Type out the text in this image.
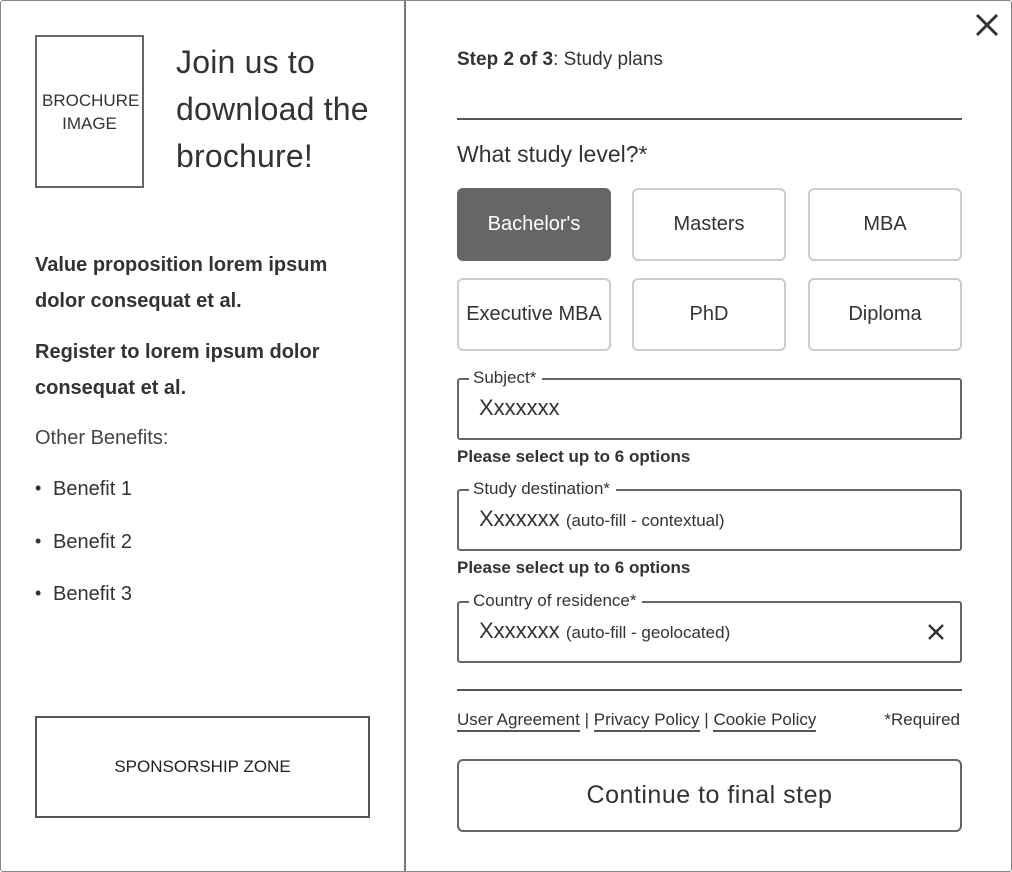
BROCHURE IMAGE
Join us to download the brochure!
Value proposition lorem ipsum dolor consequat et al.
Register to lorem ipsum dolor consequat et al.
Other Benefits:
• Benefit 1
• Benefit 2
• Benefit 3
SPONSORSHIP ZONE
Step 2 of 3: Study plans
What study level?*
Bachelor's	Masters	MBA
Executive MBA	PhD	Diploma
Subject*
Xxxxxxx
Please select up to 6 options
Study destination*
Xxxxxxx (auto-fill - contextual)
Please select up to 6 options
Country of residence*
Xxxxxxx (auto-fill - geolocated)
User Agreement | Privacy Policy | Cookie Policy	*Required
Continue to final step
